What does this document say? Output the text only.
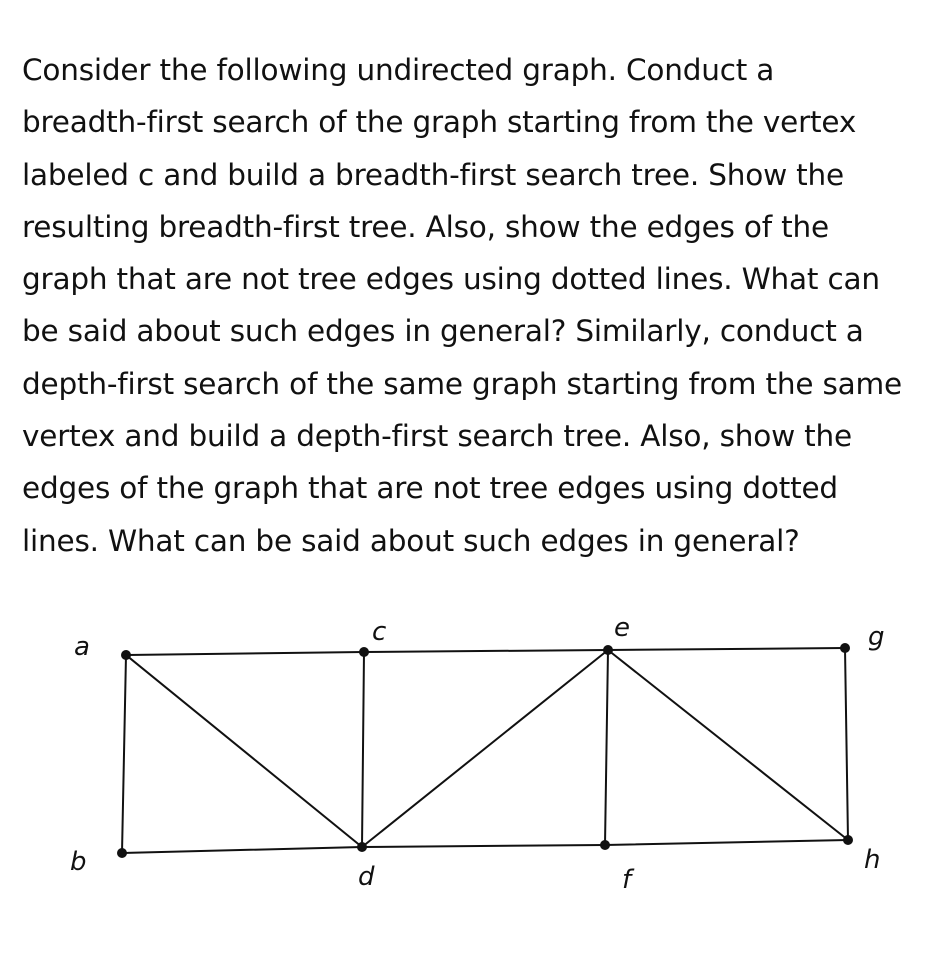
Consider the following undirected graph. Conduct a
breadth-first search of the graph starting from the vertex
labeled c and build a breadth-first search tree. Show the
resulting breadth-first tree. Also, show the edges of the
graph that are not tree edges using dotted lines. What can
be said about such edges in general? Similarly, conduct a
depth-first search of the same graph starting from the same
vertex and build a depth-first search tree. Also, show the
edges of the graph that are not tree edges using dotted
lines. What can be said about such edges in general?
a	c	e	g
b	d	f
h
